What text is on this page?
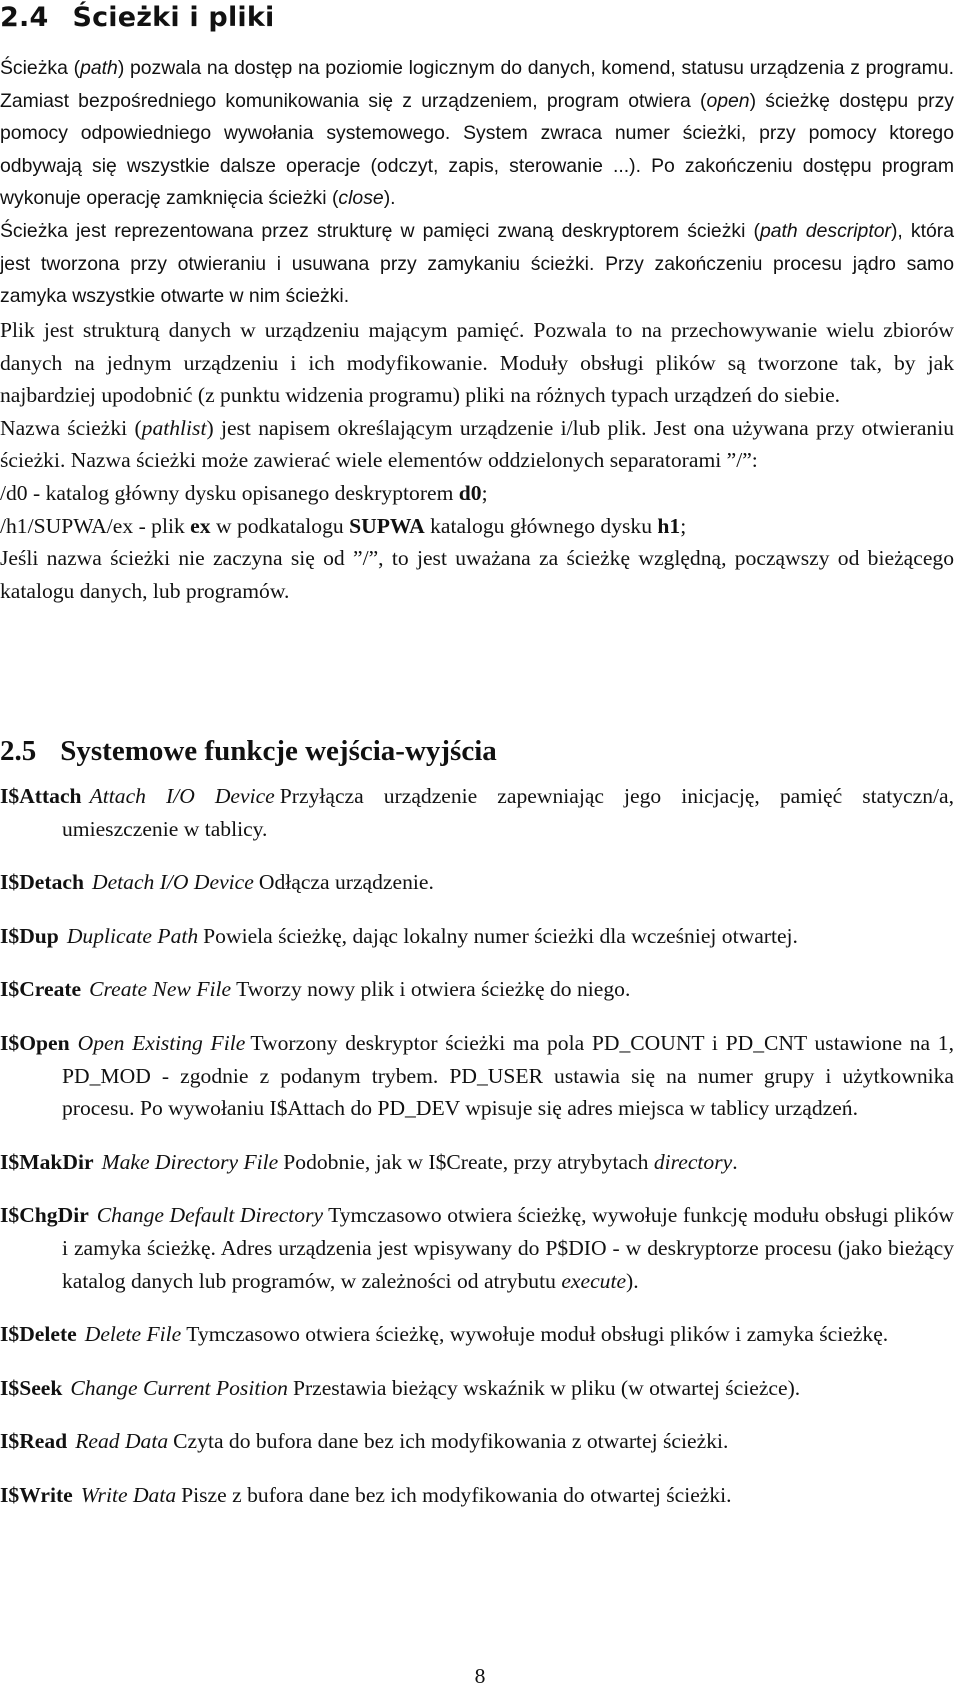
2.4 Ścieżki i pliki

Ścieżka (path) pozwala na dostęp na poziomie logicznym do danych, komend, statusu urządzenia z programu. Zamiast bezpośredniego komunikowania się z urządzeniem, program otwiera (open) ścieżkę dostępu przy pomocy odpowiedniego wywołania systemowego. System zwraca numer ścieżki, przy pomocy ktorego odbywają się wszystkie dalsze operacje (odczyt, zapis, sterowanie ...). Po zakończeniu dostępu program wykonuje operację zamknięcia ścieżki (close).

Ścieżka jest reprezentowana przez strukturę w pamięci zwaną deskryptorem ścieżki (path descriptor), która jest tworzona przy otwieraniu i usuwana przy zamykaniu ścieżki. Przy zakończeniu procesu jądro samo zamyka wszystkie otwarte w nim ścieżki.

Plik jest strukturą danych w urządzeniu mającym pamięć. Pozwala to na przechowywanie wielu zbiorów danych na jednym urządzeniu i ich modyfikowanie. Moduły obsługi plików są tworzone tak, by jak najbardziej upodobnić (z punktu widzenia programu) pliki na różnych typach urządzeń do siebie.

Nazwa ścieżki (pathlist) jest napisem określającym urządzenie i/lub plik. Jest ona używana przy otwieraniu ścieżki. Nazwa ścieżki może zawierać wiele elementów oddzielonych separatorami ”/”:

/d0 - katalog główny dysku opisanego deskryptorem d0;

/h1/SUPWA/ex - plik ex w podkatalogu SUPWA katalogu głównego dysku h1;

Jeśli nazwa ścieżki nie zaczyna się od ”/”, to jest uważana za ścieżkę względną, począwszy od bieżącego katalogu danych, lub programów.

2.5 Systemowe funkcje wejścia-wyjścia

I$Attach Attach I/O Device Przyłącza urządzenie zapewniając jego inicjację, pamięć statyczn/a, umieszczenie w tablicy.

I$Detach Detach I/O Device Odłącza urządzenie.

I$Dup Duplicate Path Powiela ścieżkę, dając lokalny numer ścieżki dla wcześniej otwartej.

I$Create Create New File Tworzy nowy plik i otwiera ścieżkę do niego.

I$Open Open Existing File Tworzony deskryptor ścieżki ma pola PD_COUNT i PD_CNT ustawione na 1, PD_MOD - zgodnie z podanym trybem. PD_USER ustawia się na numer grupy i użytkownika procesu. Po wywołaniu I$Attach do PD_DEV wpisuje się adres miejsca w tablicy urządzeń.

I$MakDir Make Directory File Podobnie, jak w I$Create, przy atrybytach directory.

I$ChgDir Change Default Directory Tymczasowo otwiera ścieżkę, wywołuje funkcję modułu obsługi plików i zamyka ścieżkę. Adres urządzenia jest wpisywany do P$DIO - w deskryptorze procesu (jako bieżący katalog danych lub programów, w zależności od atrybutu execute).

I$Delete Delete File Tymczasowo otwiera ścieżkę, wywołuje moduł obsługi plików i zamyka ścieżkę.

I$Seek Change Current Position Przestawia bieżący wskaźnik w pliku (w otwartej ścieżce).

I$Read Read Data Czyta do bufora dane bez ich modyfikowania z otwartej ścieżki.

I$Write Write Data Pisze z bufora dane bez ich modyfikowania do otwartej ścieżki.

8
